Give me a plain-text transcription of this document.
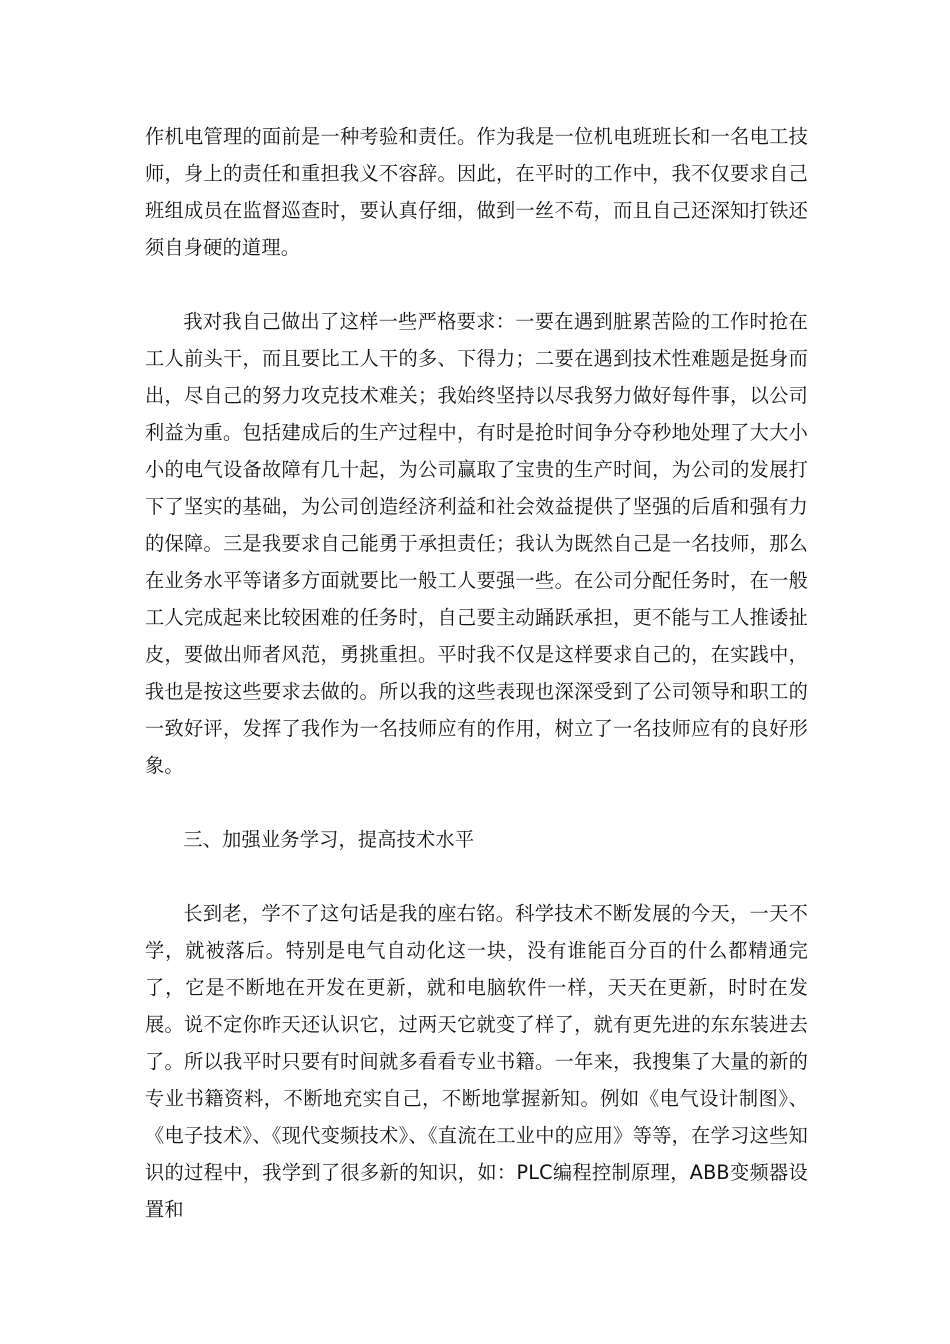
作机电管理的面前是一种考验和责任。作为我是一位机电班班长和一名电工技师，身上的责任和重担我义不容辞。因此，在平时的工作中，我不仅要求自己班组成员在监督巡查时，要认真仔细，做到一丝不苟，而且自己还深知打铁还须自身硬的道理。

我对我自己做出了这样一些严格要求：一要在遇到脏累苦险的工作时抢在工人前头干，而且要比工人干的多、下得力；二要在遇到技术性难题是挺身而出，尽自己的努力攻克技术难关；我始终坚持以尽我努力做好每件事，以公司利益为重。包括建成后的生产过程中，有时是抢时间争分夺秒地处理了大大小小的电气设备故障有几十起，为公司赢取了宝贵的生产时间，为公司的发展打下了坚实的基础，为公司创造经济利益和社会效益提供了坚强的后盾和强有力的保障。三是我要求自己能勇于承担责任；我认为既然自己是一名技师，那么在业务水平等诸多方面就要比一般工人要强一些。在公司分配任务时，在一般工人完成起来比较困难的任务时，自己要主动踊跃承担，更不能与工人推诿扯皮，要做出师者风范，勇挑重担。平时我不仅是这样要求自己的，在实践中，我也是按这些要求去做的。所以我的这些表现也深深受到了公司领导和职工的一致好评，发挥了我作为一名技师应有的作用，树立了一名技师应有的良好形象。

三、加强业务学习，提高技术水平

长到老，学不了这句话是我的座右铭。科学技术不断发展的今天，一天不学，就被落后。特别是电气自动化这一块，没有谁能百分百的什么都精通完了，它是不断地在开发在更新，就和电脑软件一样，天天在更新，时时在发展。说不定你昨天还认识它，过两天它就变了样了，就有更先进的东东装进去了。所以我平时只要有时间就多看看专业书籍。一年来，我搜集了大量的新的专业书籍资料，不断地充实自己，不断地掌握新知。例如《电气设计制图》、《电子技术》、《现代变频技术》、《直流在工业中的应用》等等，在学习这些知识的过程中，我学到了很多新的知识，如：PLC编程控制原理，ABB变频器设置和
